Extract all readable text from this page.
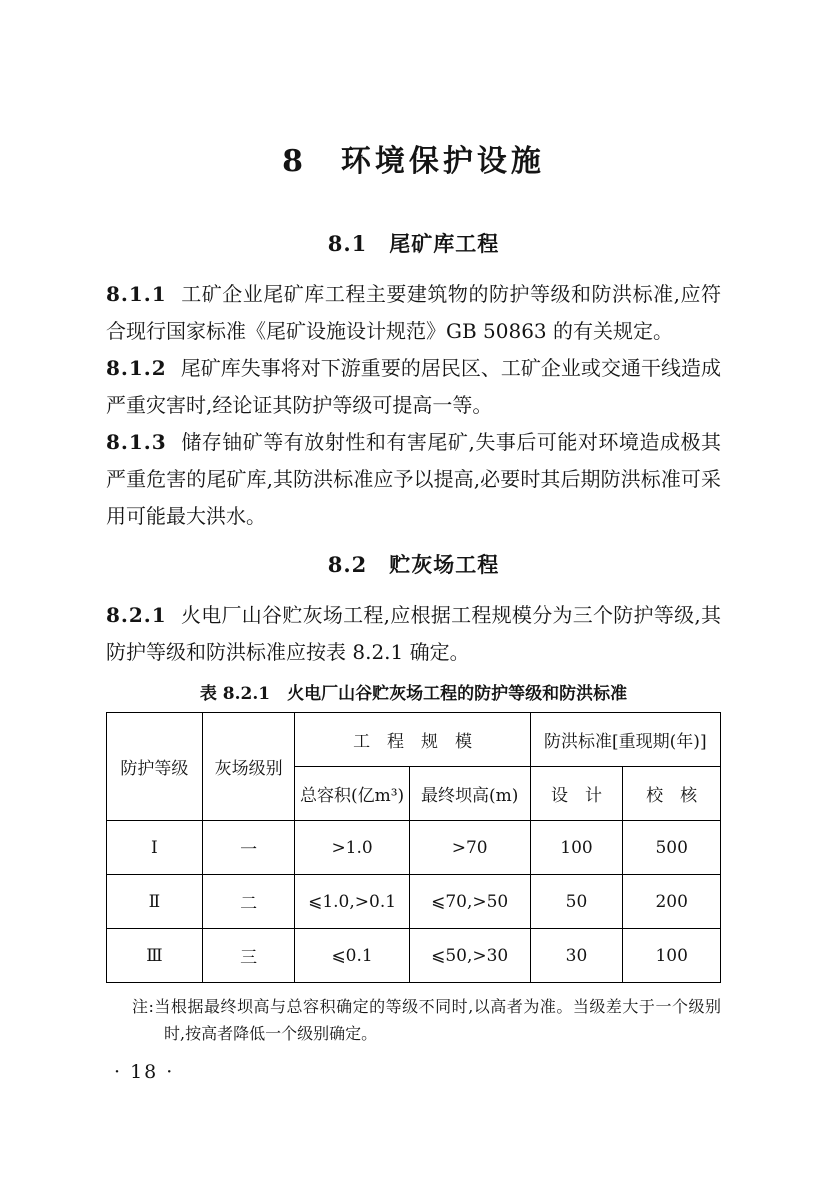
8　环境保护设施
8.1　尾矿库工程

8.1.1 工矿企业尾矿库工程主要建筑物的防护等级和防洪标准,应符合现行国家标准《尾矿设施设计规范》GB 50863 的有关规定。

8.1.2 尾矿库失事将对下游重要的居民区、工矿企业或交通干线造成严重灾害时,经论证其防护等级可提高一等。

8.1.3 储存铀矿等有放射性和有害尾矿,失事后可能对环境造成极其严重危害的尾矿库,其防洪标准应予以提高,必要时其后期防洪标准可采用可能最大洪水。

8.2　贮灰场工程

8.2.1 火电厂山谷贮灰场工程,应根据工程规模分为三个防护等级,其防护等级和防洪标准应按表 8.2.1 确定。

表 8.2.1　火电厂山谷贮灰场工程的防护等级和防洪标准
防护等级	灰场级别	工　程　规　模		防洪标准[重现期(年)]	
		总容积(亿m³)	最终坝高(m)	设　计	校　核
Ⅰ	一	>1.0	>70	100	500
Ⅱ	二	⩽1.0,>0.1	⩽70,>50	50	200
Ⅲ	三	⩽0.1	⩽50,>30	30	100
注:当根据最终坝高与总容积确定的等级不同时,以高者为准。当级差大于一个级别时,按高者降低一个级别确定。
· 18 ·
